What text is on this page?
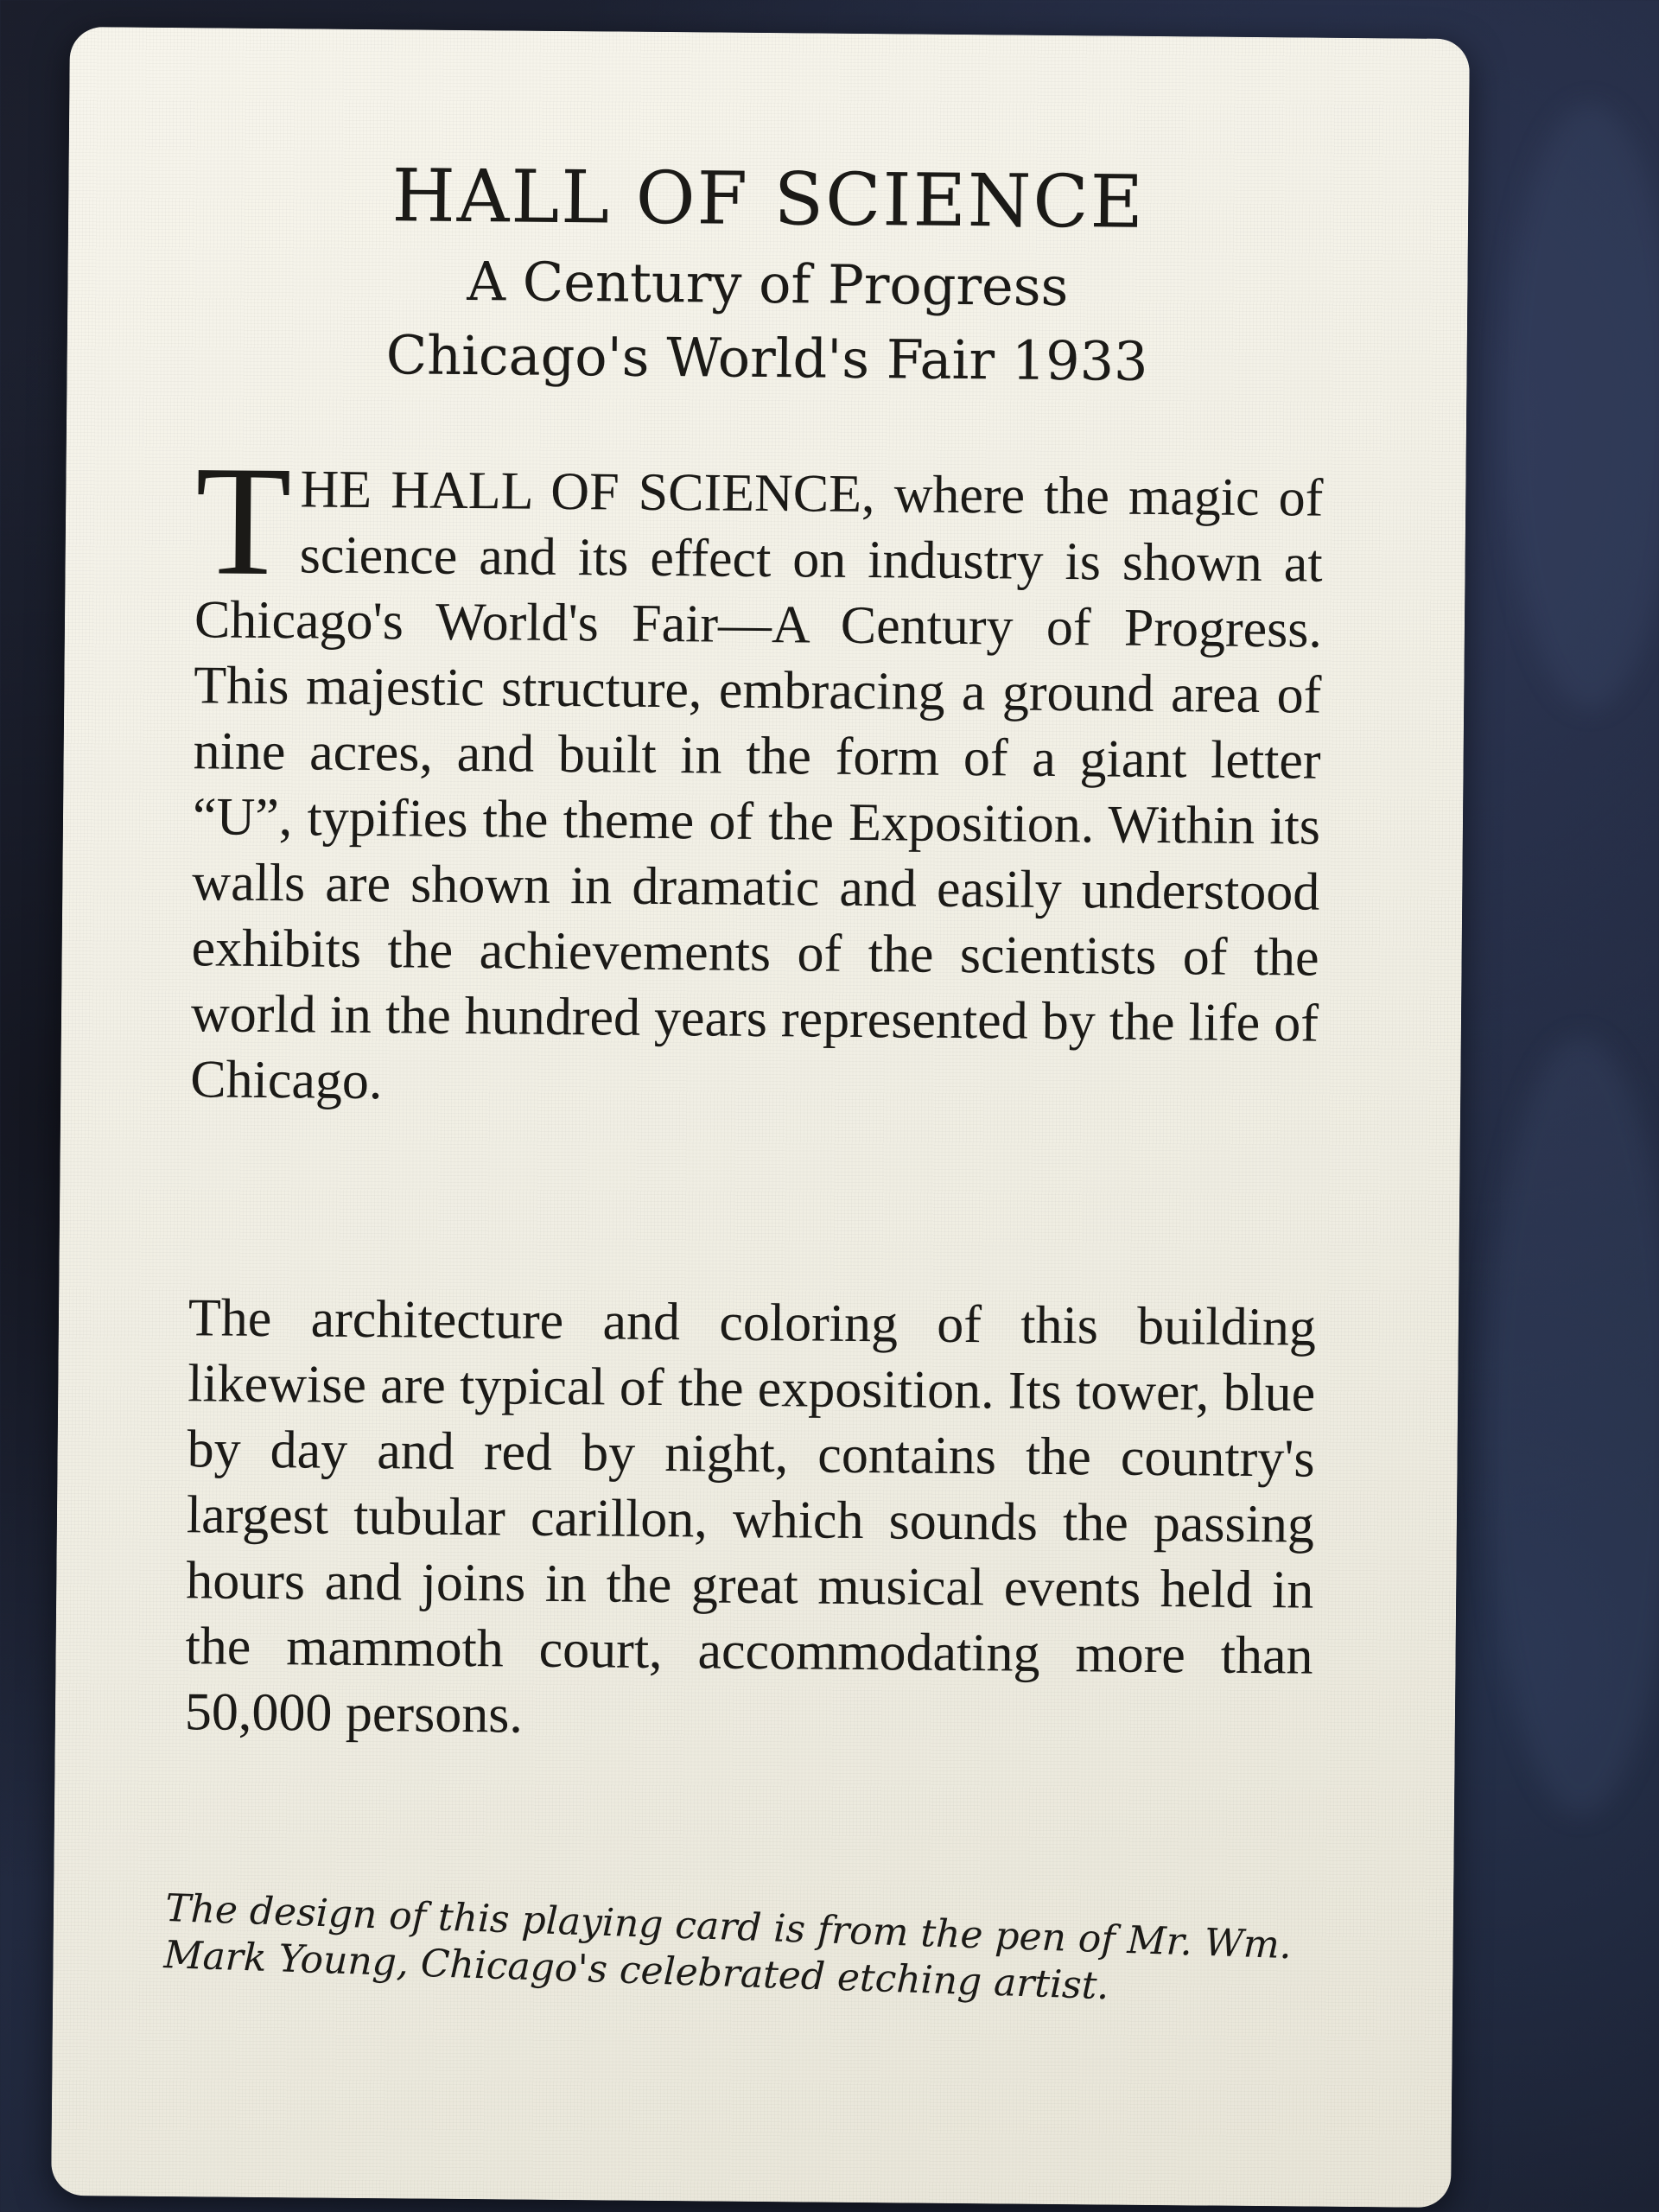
HALL OF SCIENCE
A Century of Progress
Chicago's World's Fair 1933
T HE HALL OF SCIENCE, where the magic of science and its effect on industry is shown at Chicago's World's Fair—A Century of Progress. This majestic structure, embracing a ground area of nine acres, and built in the form of a giant letter “U”, typifies the theme of the Exposition. Within its walls are shown in dramatic and easily understood exhibits the achievements of the scientists of the world in the hundred years represented by the life of Chicago.
The architecture and coloring of this building likewise are typical of the exposition. Its tower, blue by day and red by night, contains the country's largest tubular carillon, which sounds the passing hours and joins in the great musical events held in the mammoth court, accommodating more than 50,000 persons.
The design of this playing card is from the pen of Mr. Wm. Mark Young, Chicago's celebrated etching artist.
